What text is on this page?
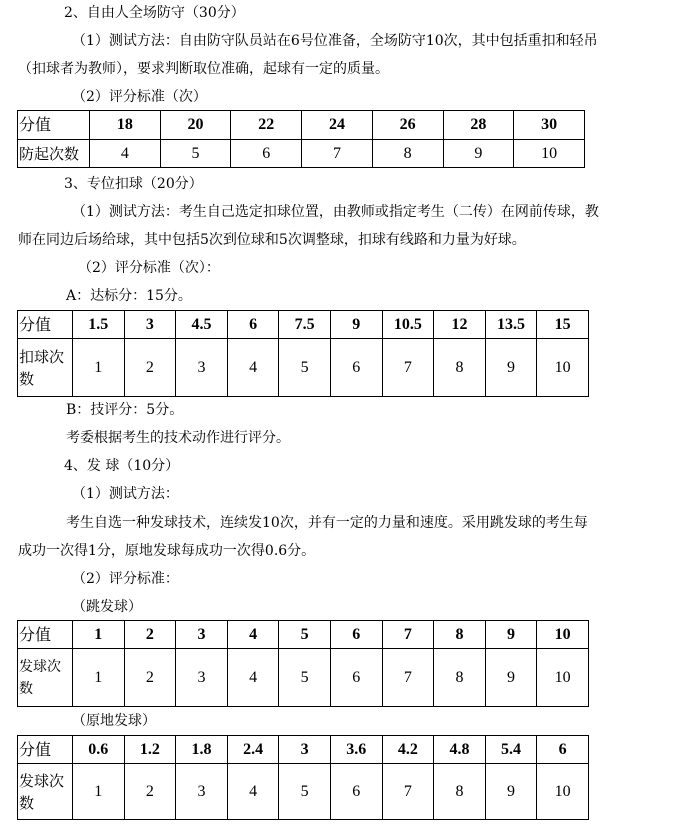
2、自由人全场防守（30分）
（1）测试方法：自由防守队员站在6号位准备，全场防守10次，其中包括重扣和轻吊
（扣球者为教师），要求判断取位准确，起球有一定的质量。
（2）评分标准（次）
分值	18	20	22	24	26	28	30
防起次数	4	5	6	7	8	9	10
3、专位扣球（20分）
（1）测试方法：考生自己选定扣球位置，由教师或指定考生（二传）在网前传球，教
师在同边后场给球，其中包括5次到位球和5次调整球，扣球有线路和力量为好球。
（2）评分标准（次）：
A：达标分：15分。
分值	1.5	3	4.5	6	7.5	9	10.5	12	13.5	15
扣球次
数	1	2	3	4	5	6	7	8	9	10
B：技评分：5分。
考委根据考生的技术动作进行评分。
4、发 球（10分）
（1）测试方法：
考生自选一种发球技术，连续发10次，并有一定的力量和速度。采用跳发球的考生每
成功一次得1分，原地发球每成功一次得0.6分。
（2）评分标准：
（跳发球）
分值	1	2	3	4	5	6	7	8	9	10
发球次
数	1	2	3	4	5	6	7	8	9	10
（原地发球）
分值	0.6	1.2	1.8	2.4	3	3.6	4.2	4.8	5.4	6
发球次
数	1	2	3	4	5	6	7	8	9	10
